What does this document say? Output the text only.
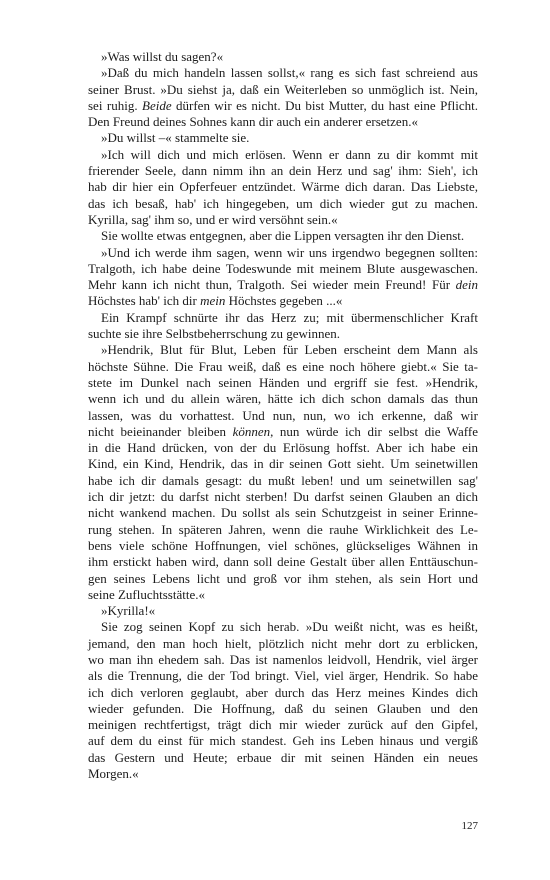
»Was willst du sagen?«
»Daß du mich handeln lassen sollst,« rang es sich fast schreiend aus
seiner Brust. »Du siehst ja, daß ein Weiterleben so unmöglich ist. Nein,
sei ruhig. Beide dürfen wir es nicht. Du bist Mutter, du hast eine Pflicht.
Den Freund deines Sohnes kann dir auch ein anderer ersetzen.«
»Du willst –« stammelte sie.
»Ich will dich und mich erlösen. Wenn er dann zu dir kommt mit
frierender Seele, dann nimm ihn an dein Herz und sag' ihm: Sieh', ich
hab dir hier ein Opferfeuer entzündet. Wärme dich daran. Das Liebste,
das ich besaß, hab' ich hingegeben, um dich wieder gut zu machen.
Kyrilla, sag' ihm so, und er wird versöhnt sein.«
Sie wollte etwas entgegnen, aber die Lippen versagten ihr den Dienst.
»Und ich werde ihm sagen, wenn wir uns irgendwo begegnen sollten:
Tralgoth, ich habe deine Todeswunde mit meinem Blute ausgewaschen.
Mehr kann ich nicht thun, Tralgoth. Sei wieder mein Freund! Für dein
Höchstes hab' ich dir mein Höchstes gegeben ...«
Ein Krampf schnürte ihr das Herz zu; mit übermenschlicher Kraft
suchte sie ihre Selbstbeherrschung zu gewinnen.
»Hendrik, Blut für Blut, Leben für Leben erscheint dem Mann als
höchste Sühne. Die Frau weiß, daß es eine noch höhere giebt.« Sie ta-
stete im Dunkel nach seinen Händen und ergriff sie fest. »Hendrik,
wenn ich und du allein wären, hätte ich dich schon damals das thun
lassen, was du vorhattest. Und nun, nun, wo ich erkenne, daß wir
nicht beieinander bleiben können, nun würde ich dir selbst die Waffe
in die Hand drücken, von der du Erlösung hoffst. Aber ich habe ein
Kind, ein Kind, Hendrik, das in dir seinen Gott sieht. Um seinetwillen
habe ich dir damals gesagt: du mußt leben! und um seinetwillen sag'
ich dir jetzt: du darfst nicht sterben! Du darfst seinen Glauben an dich
nicht wankend machen. Du sollst als sein Schutzgeist in seiner Erinne-
rung stehen. In späteren Jahren, wenn die rauhe Wirklichkeit des Le-
bens viele schöne Hoffnungen, viel schönes, glückseliges Wähnen in
ihm erstickt haben wird, dann soll deine Gestalt über allen Enttäuschun-
gen seines Lebens licht und groß vor ihm stehen, als sein Hort und
seine Zufluchtsstätte.«
»Kyrilla!«
Sie zog seinen Kopf zu sich herab. »Du weißt nicht, was es heißt,
jemand, den man hoch hielt, plötzlich nicht mehr dort zu erblicken,
wo man ihn ehedem sah. Das ist namenlos leidvoll, Hendrik, viel ärger
als die Trennung, die der Tod bringt. Viel, viel ärger, Hendrik. So habe
ich dich verloren geglaubt, aber durch das Herz meines Kindes dich
wieder gefunden. Die Hoffnung, daß du seinen Glauben und den
meinigen rechtfertigst, trägt dich mir wieder zurück auf den Gipfel,
auf dem du einst für mich standest. Geh ins Leben hinaus und vergiß
das Gestern und Heute; erbaue dir mit seinen Händen ein neues
Morgen.«
127
